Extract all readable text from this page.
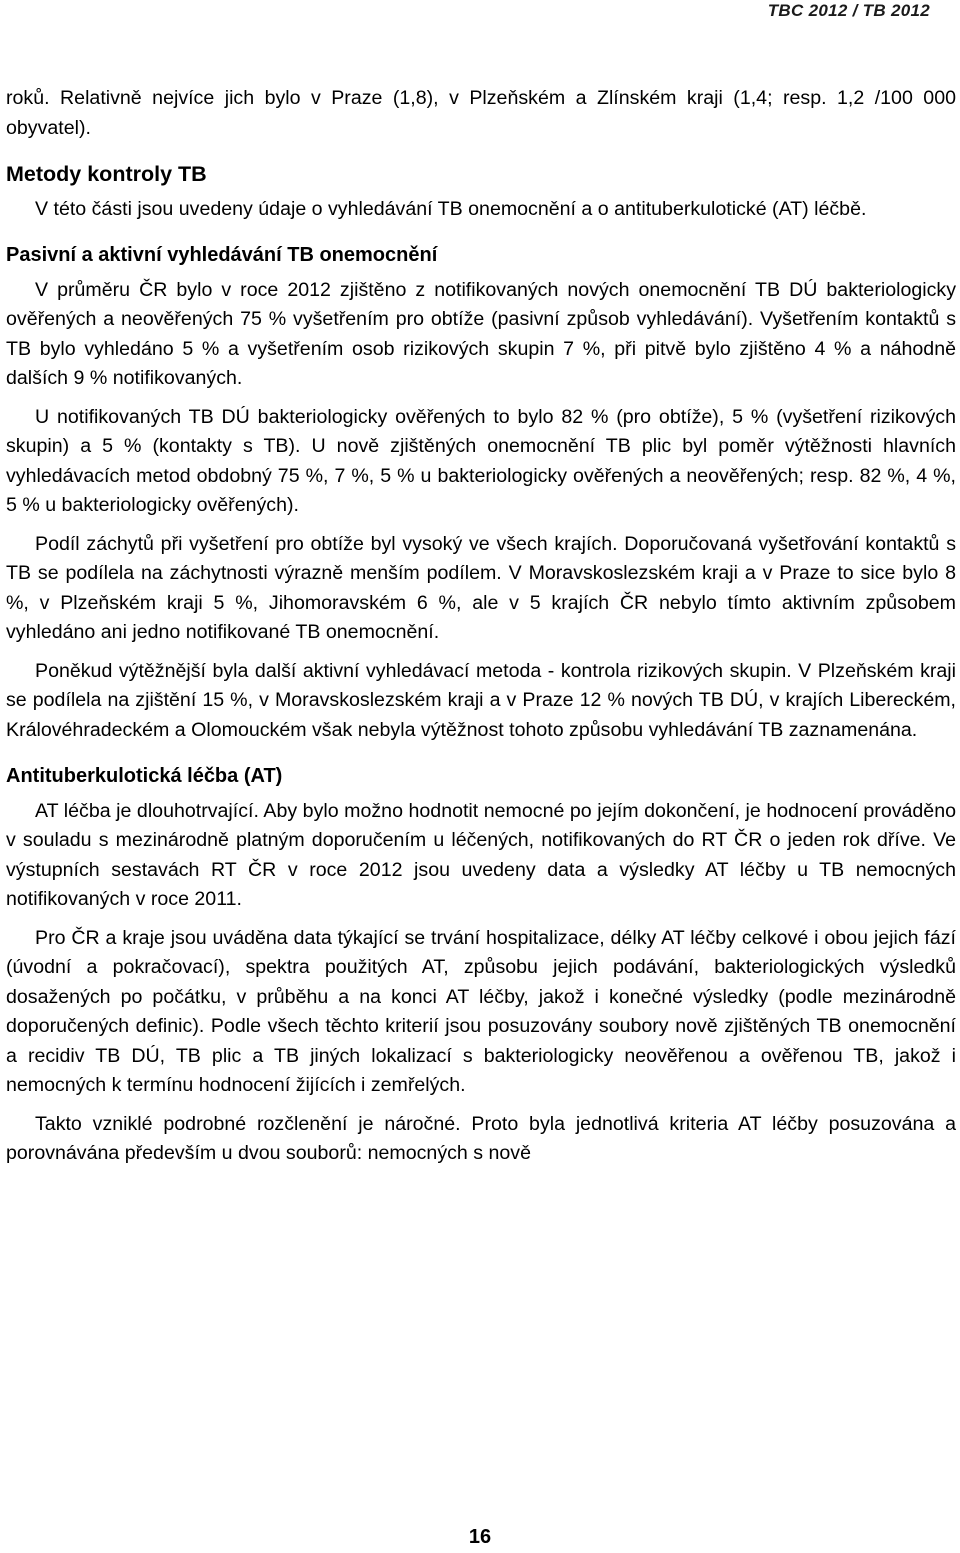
TBC 2012 / TB 2012

roků. Relativně nejvíce jich bylo v Praze (1,8), v Plzeňském a Zlínském kraji (1,4; resp. 1,2 /100 000 obyvatel).

Metody kontroly TB

V této části jsou uvedeny údaje o vyhledávání TB onemocnění a o antituberkulotické (AT) léčbě.

Pasivní a aktivní vyhledávání TB onemocnění

V průměru ČR bylo v roce 2012 zjištěno z notifikovaných nových onemocnění TB DÚ bakteriologicky ověřených a neověřených 75 % vyšetřením pro obtíže (pasivní způsob vyhledávání). Vyšetřením kontaktů s TB bylo vyhledáno 5 % a vyšetřením osob rizikových skupin 7 %, při pitvě bylo zjištěno 4 % a náhodně dalších 9 % notifikovaných.

U notifikovaných TB DÚ bakteriologicky ověřených to bylo 82 % (pro obtíže), 5 % (vyšetření rizikových skupin) a 5 % (kontakty s TB). U nově zjištěných onemocnění TB plic byl poměr výtěžnosti hlavních vyhledávacích metod obdobný 75 %, 7 %, 5 % u bakteriologicky ověřených a neověřených; resp. 82 %, 4 %, 5 % u bakteriologicky ověřených).

Podíl záchytů při vyšetření pro obtíže byl vysoký ve všech krajích. Doporučovaná vyšetřování kontaktů s TB se podílela na záchytnosti výrazně menším podílem. V Moravskoslezském kraji a v Praze to sice bylo 8 %, v Plzeňském kraji 5 %, Jihomoravském 6 %, ale v 5 krajích ČR nebylo tímto aktivním způsobem vyhledáno ani jedno notifikované TB onemocnění.

Poněkud výtěžnější byla další aktivní vyhledávací metoda - kontrola rizikových skupin. V Plzeňském kraji se podílela na zjištění 15 %, v Moravskoslezském kraji a v Praze 12 % nových TB DÚ, v krajích Libereckém, Královéhradeckém a Olomouckém však nebyla výtěžnost tohoto způsobu vyhledávání TB zaznamenána.

Antituberkulotická léčba (AT)

AT léčba je dlouhotrvající. Aby bylo možno hodnotit nemocné po jejím dokončení, je hodnocení prováděno v souladu s mezinárodně platným doporučením u léčených, notifikovaných do RT ČR o jeden rok dříve. Ve výstupních sestavách RT ČR v roce 2012 jsou uvedeny data a výsledky AT léčby u TB nemocných notifikovaných v roce 2011.

Pro ČR a kraje jsou uváděna data týkající se trvání hospitalizace, délky AT léčby celkové i obou jejich fází (úvodní a pokračovací), spektra použitých AT, způsobu jejich podávání, bakteriologických výsledků dosažených po počátku, v průběhu a na konci AT léčby, jakož i konečné výsledky (podle mezinárodně doporučených definic). Podle všech těchto kriterií jsou posuzovány soubory nově zjištěných TB onemocnění a recidiv TB DÚ, TB plic a TB jiných lokalizací s bakteriologicky neověřenou a ověřenou TB, jakož i nemocných k termínu hodnocení žijících i zemřelých.

Takto vzniklé podrobné rozčlenění je náročné. Proto byla jednotlivá kriteria AT léčby posuzována a porovnávána především u dvou souborů: nemocných s nově

16
